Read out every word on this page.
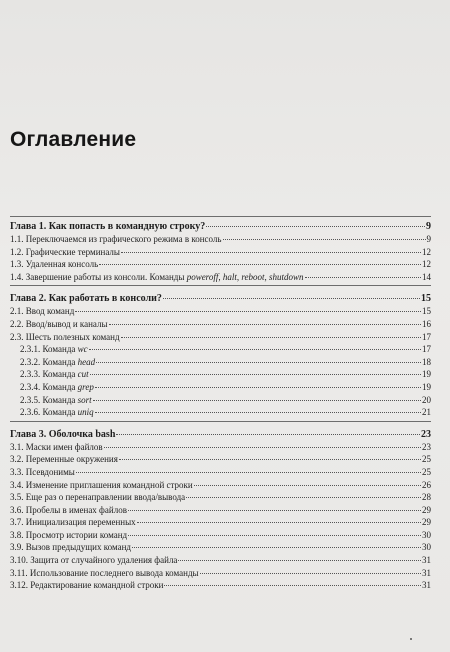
Оглавление
Глава 1. Как попасть в командную строку?	9
1.1. Переключаемся из графического режима в консоль	9
1.2. Графические терминалы	12
1.3. Удаленная консоль	12
1.4. Завершение работы из консоли. Команды poweroff, halt, reboot, shutdown	14
Глава 2. Как работать в консоли?	15
2.1. Ввод команд	15
2.2. Ввод/вывод и каналы	16
2.3. Шесть полезных команд	17
2.3.1. Команда wc	17
2.3.2. Команда head	18
2.3.3. Команда cut	19
2.3.4. Команда grep	19
2.3.5. Команда sort	20
2.3.6. Команда uniq	21
Глава 3. Оболочка bash	23
3.1. Маски имен файлов	23
3.2. Переменные окружения	25
3.3. Псевдонимы	25
3.4. Изменение приглашения командной строки	26
3.5. Еще раз о перенаправлении ввода/вывода	28
3.6. Пробелы в именах файлов	29
3.7. Инициализация переменных	29
3.8. Просмотр истории команд	30
3.9. Вызов предыдущих команд	30
3.10. Защита от случайного удаления файла	31
3.11. Использование последнего вывода команды	31
3.12. Редактирование командной строки	31
